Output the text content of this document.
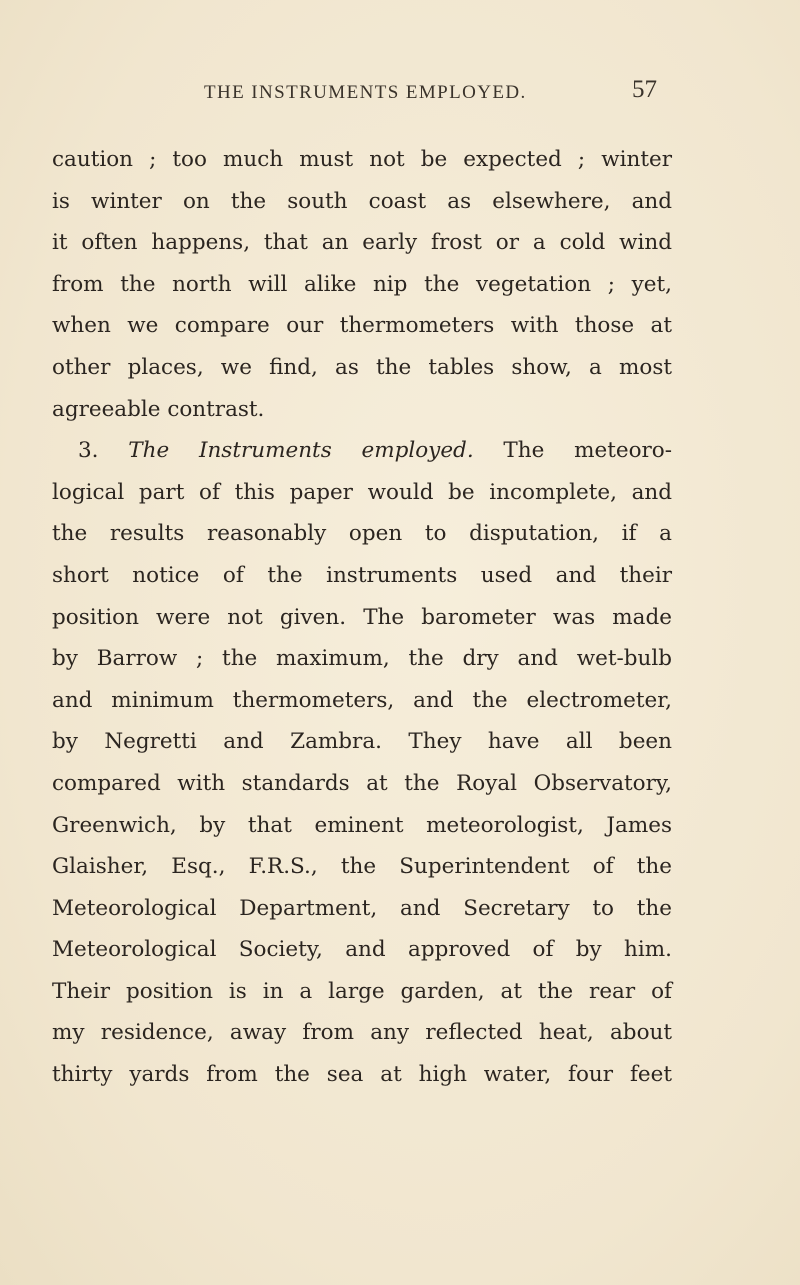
THE INSTRUMENTS EMPLOYED.	57
caution ; too much must not be expected ; winter
is winter on the south coast as elsewhere, and
it often happens, that an early frost or a cold wind
from the north will alike nip the vegetation ; yet,
when we compare our thermometers with those at
other places, we find, as the tables show, a most
agreeable contrast.
3. The Instruments employed. The meteoro-
logical part of this paper would be incomplete, and
the results reasonably open to disputation, if a
short notice of the instruments used and their
position were not given. The barometer was made
by Barrow ; the maximum, the dry and wet-bulb
and minimum thermometers, and the electrometer,
by Negretti and Zambra. They have all been
compared with standards at the Royal Observatory,
Greenwich, by that eminent meteorologist, James
Glaisher, Esq., F.R.S., the Superintendent of the
Meteorological Department, and Secretary to the
Meteorological Society, and approved of by him.
Their position is in a large garden, at the rear of
my residence, away from any reflected heat, about
thirty yards from the sea at high water, four feet
